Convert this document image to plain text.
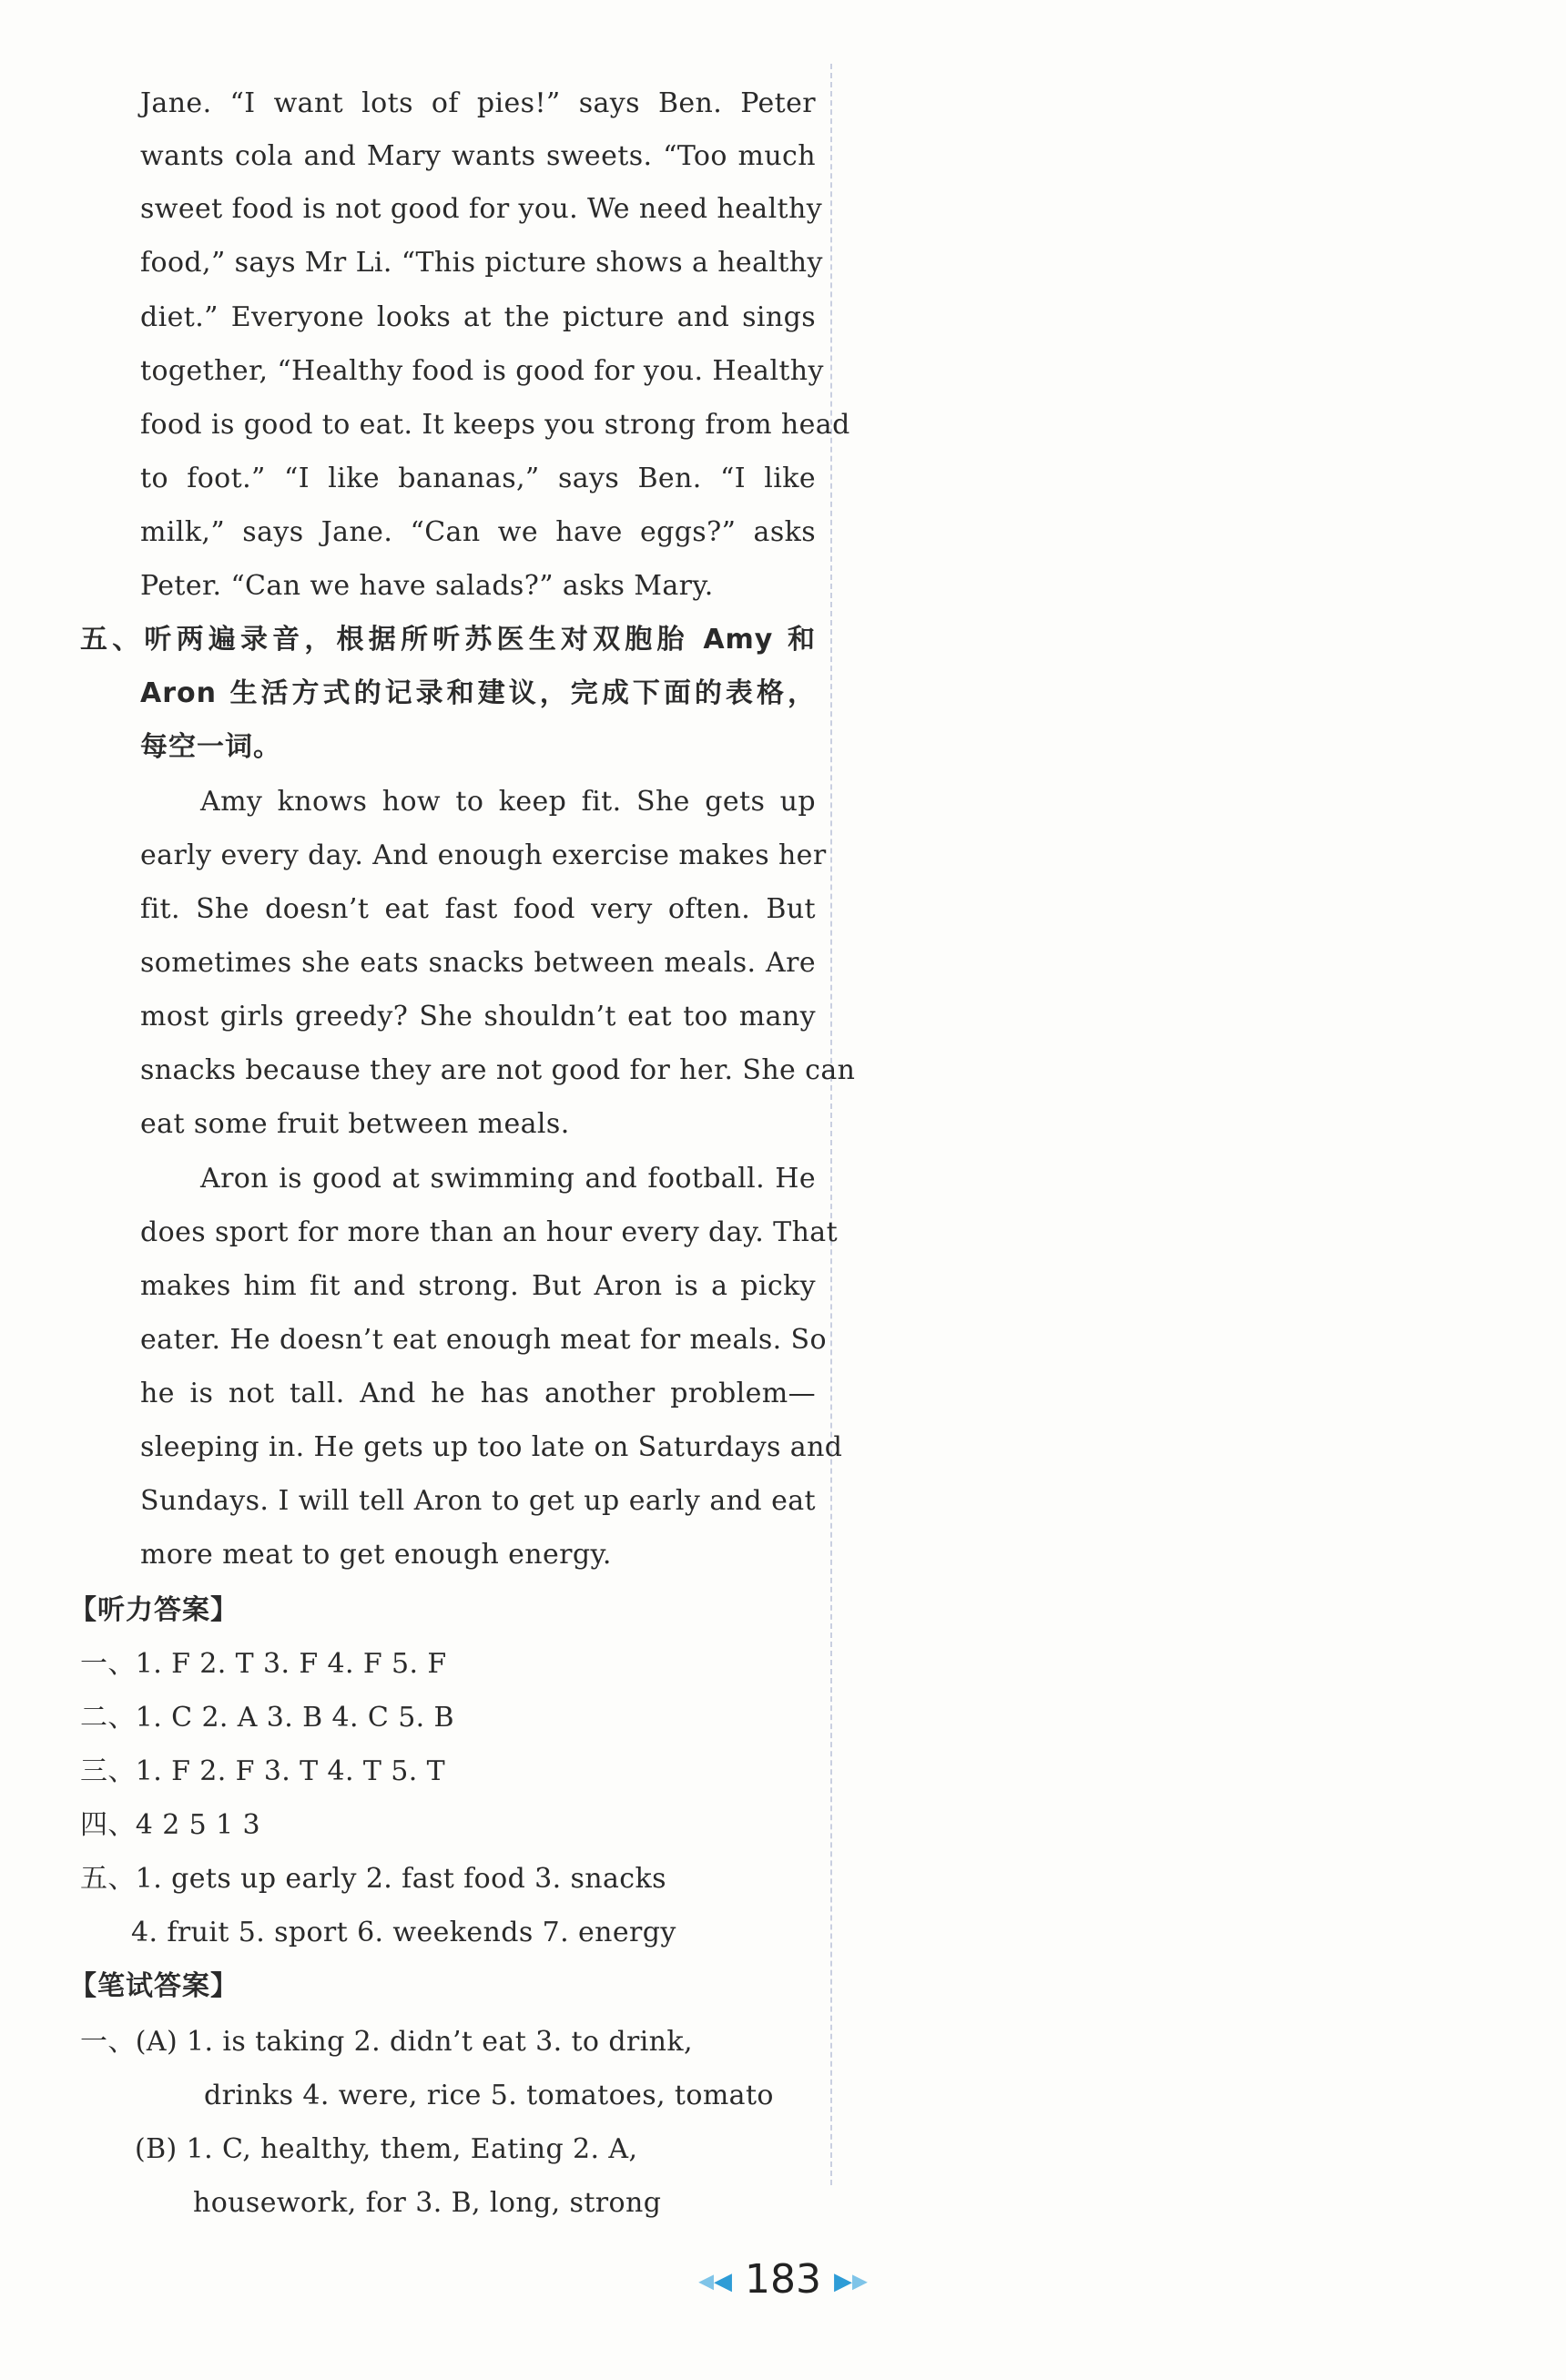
Jane. “I want lots of pies!” says Ben. Peter
wants cola and Mary wants sweets. “Too much
sweet food is not good for you. We need healthy
food,” says Mr Li. “This picture shows a healthy
diet.” Everyone looks at the picture and sings
together, “Healthy food is good for you. Healthy
food is good to eat. It keeps you strong from head
to foot.” “I like bananas,” says Ben. “I like
milk,” says Jane. “Can we have eggs?” asks
Peter. “Can we have salads?” asks Mary.
五、听两遍录音，根据所听苏医生对双胞胎 Amy 和
Aron 生活方式的记录和建议，完成下面的表格，
每空一词。
Amy knows how to keep fit. She gets up
early every day. And enough exercise makes her
fit. She doesn’t eat fast food very often. But
sometimes she eats snacks between meals. Are
most girls greedy? She shouldn’t eat too many
snacks because they are not good for her. She can
eat some fruit between meals.
Aron is good at swimming and football. He
does sport for more than an hour every day. That
makes him fit and strong. But Aron is a picky
eater. He doesn’t eat enough meat for meals. So
he is not tall. And he has another problem—
sleeping in. He gets up too late on Saturdays and
Sundays. I will tell Aron to get up early and eat
more meat to get enough energy.
【听力答案】
一、1. F 2. T 3. F 4. F 5. F
二、1. C 2. A 3. B 4. C 5. B
三、1. F 2. F 3. T 4. T 5. T
四、4 2 5 1 3
五、1. gets up early 2. fast food 3. snacks
4. fruit 5. sport 6. weekends 7. energy
【笔试答案】
一、(A) 1. is taking 2. didn’t eat 3. to drink,
drinks 4. were, rice 5. tomatoes, tomato
(B) 1. C, healthy, them, Eating 2. A,
housework, for 3. B, long, strong
◀◀ 183 ▶▶
